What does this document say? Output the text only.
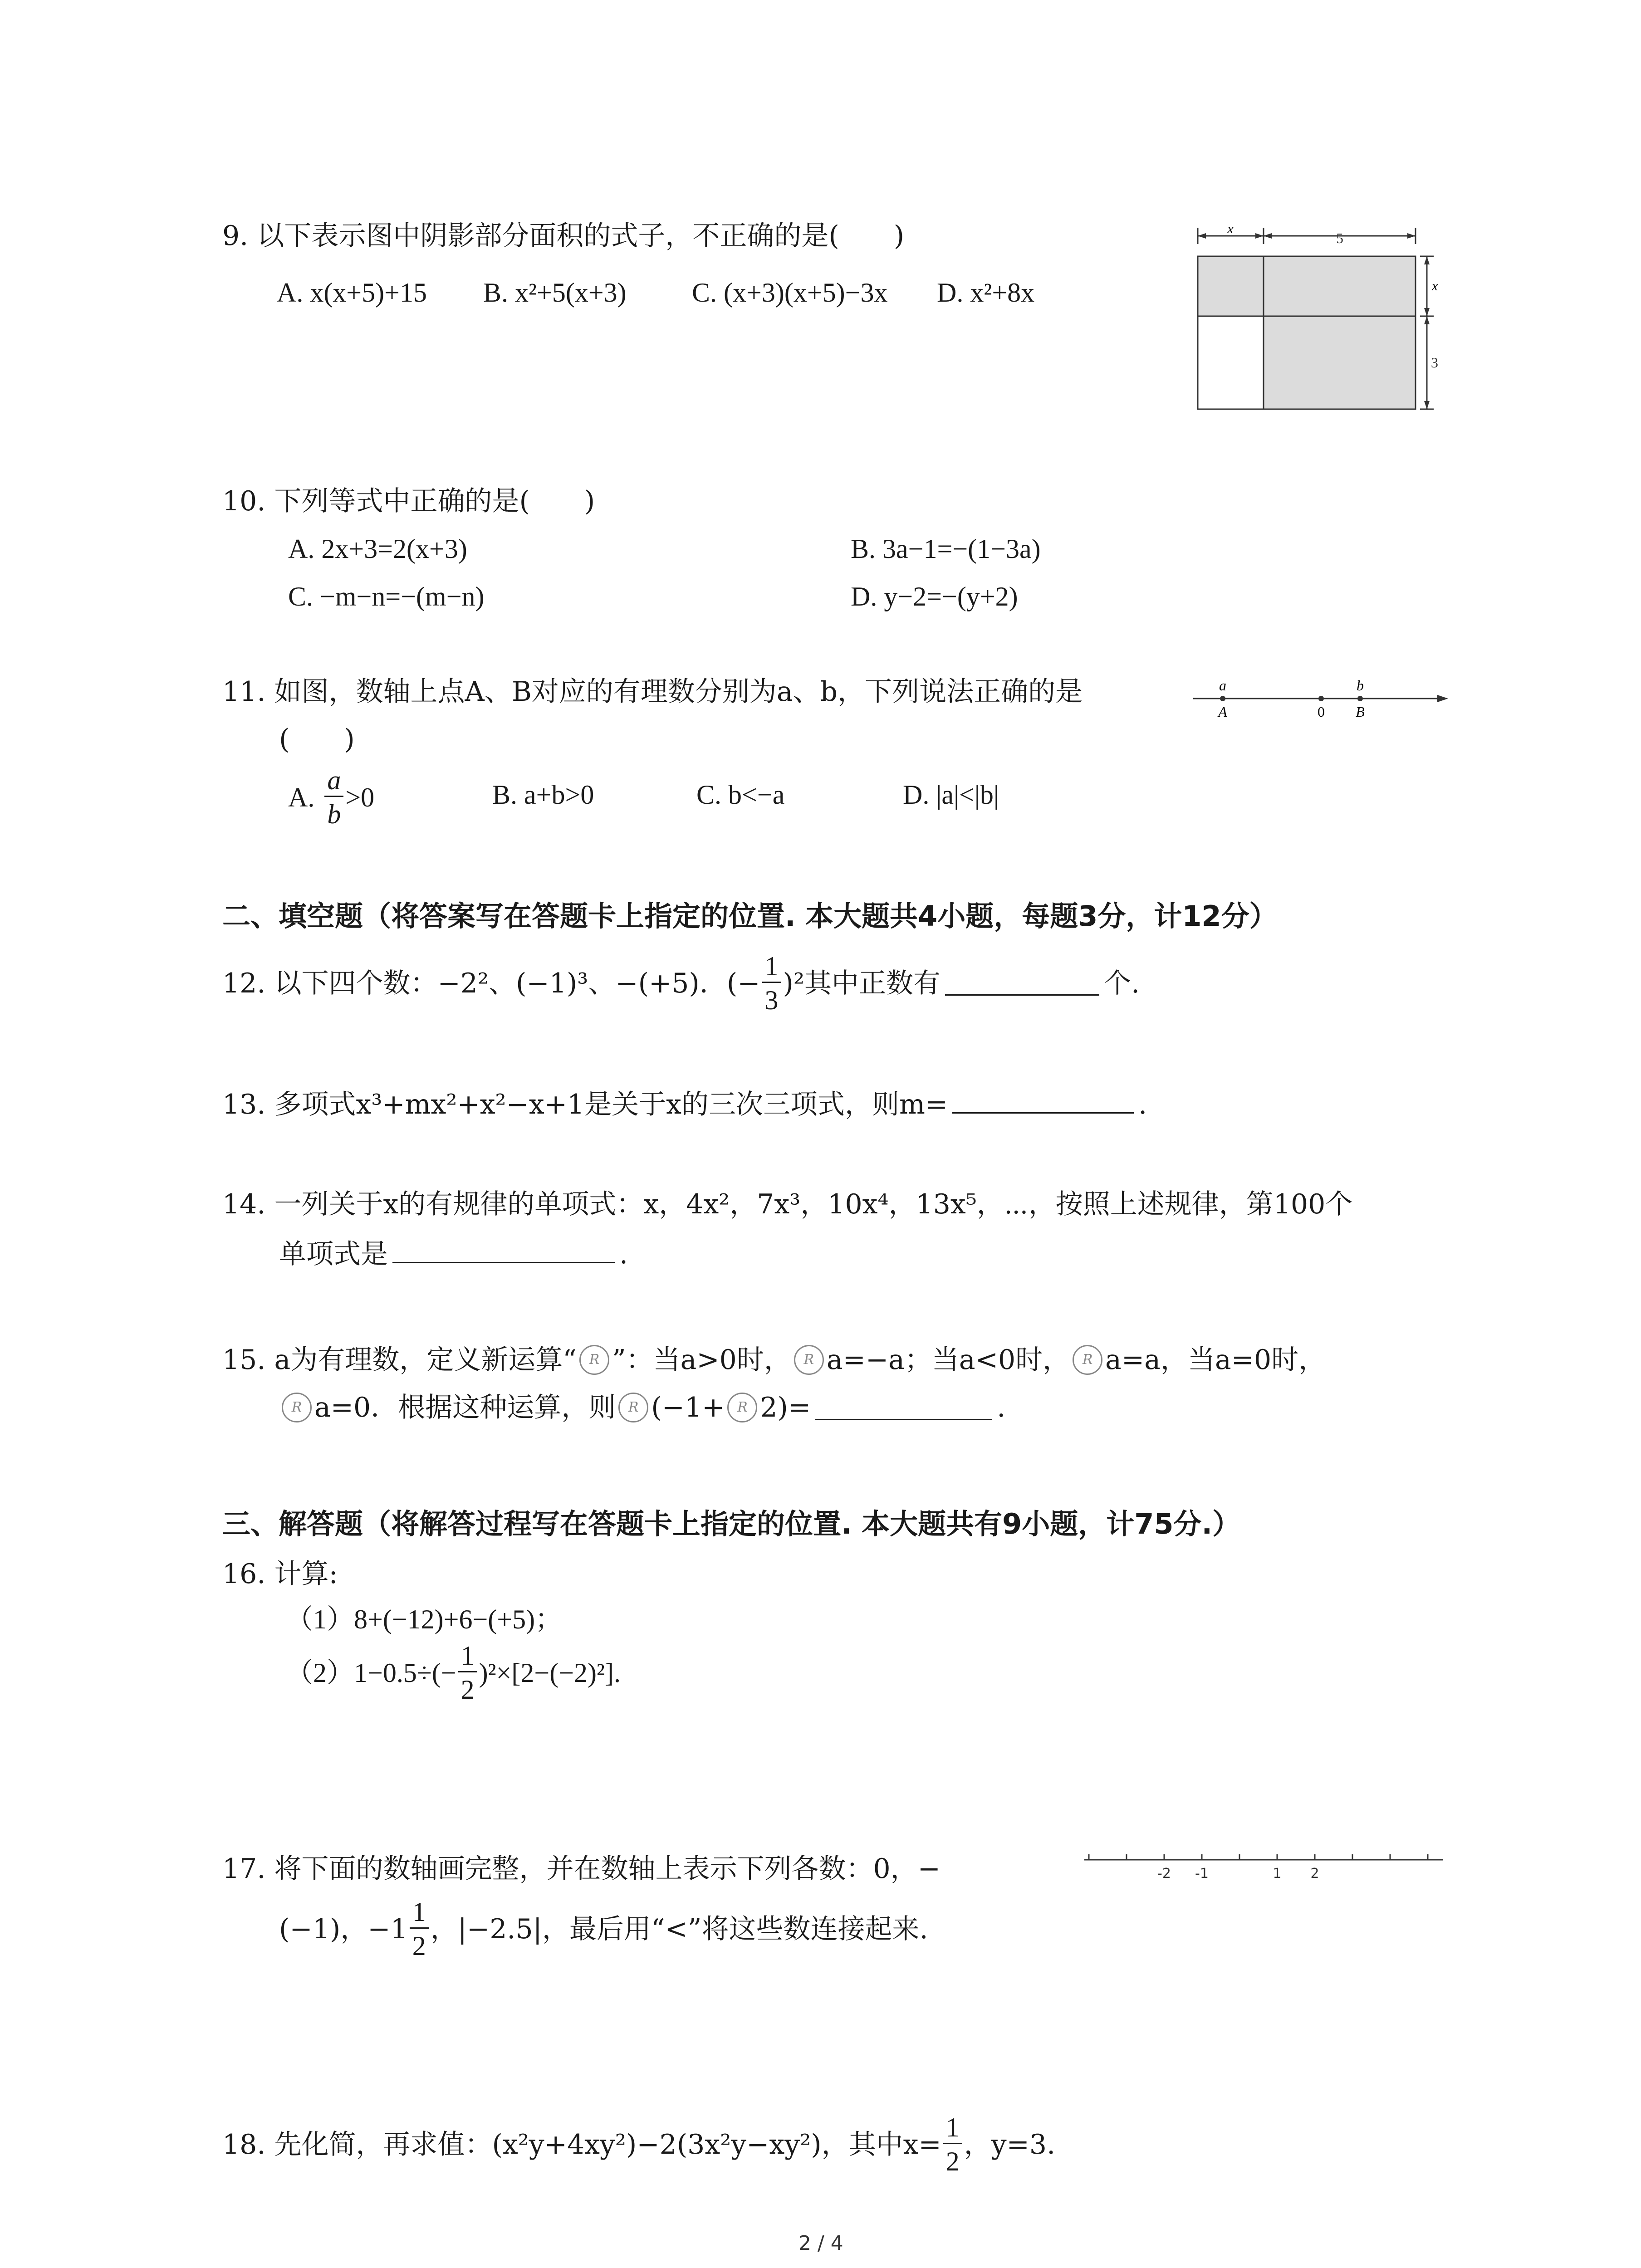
9. 以下表示图中阴影部分面积的式子，不正确的是(　　)
A. x(x+5)+15 B. x²+5(x+3) C. (x+3)(x+5)−3x D. x²+8x
x
5
x
3
10. 下列等式中正确的是(　　)
A. 2x+3=2(x+3)	B. 3a−1=−(1−3a)
C. −m−n=−(m−n)	D. y−2=−(y+2)
11. 如图，数轴上点A、B对应的有理数分别为a、b，下列说法正确的是
(　　)
A. $\frac{a}{b} >0$	B. a+b>0	C. b<−a	D. |a|<|b|
a
A	0
b
B
二、填空题（将答案写在答题卡上指定的位置. 本大题共4小题，每题3分，计12分）
12. 以下四个数：−2²、(−1)³、−(+5)．(− $\frac{1}{3} )^2$其中正数有	个.
13. 多项式x³+mx²+x²−x+1是关于x的三次三项式，则m=	.
14. 一列关于x的有规律的单项式：x，4x²，7x³，10x⁴，13x⁵，⋯，按照上述规律，第100个
单项式是	.
15. a为有理数，定义新运算“ R ”：当a>0时， R a=−a；当a<0时， R a=a，当a=0时，
R a=0．根据这种运算，则 R (−1+ R 2)=	.
三、解答题（将解答过程写在答题卡上指定的位置. 本大题共有9小题，计75分.）
16. 计算:
（1）8+(−12)+6−(+5)；
$(2)1-0.5\div(- \frac{1}{2} )^2\times[2-(-2)^2]$.
17. 将下面的数轴画完整，并在数轴上表示下列各数：0，−
(−1)，$-1 \frac{1}{2}$ ，|−2.5|，最后用“<”将这些数连接起来.
-2 -1	1 2
18. 先化简，再求值：(x²y+4xy²)−2(3x²y−xy²)，其中$x= \frac{1}{2}$ ，y=3.
2 / 4
